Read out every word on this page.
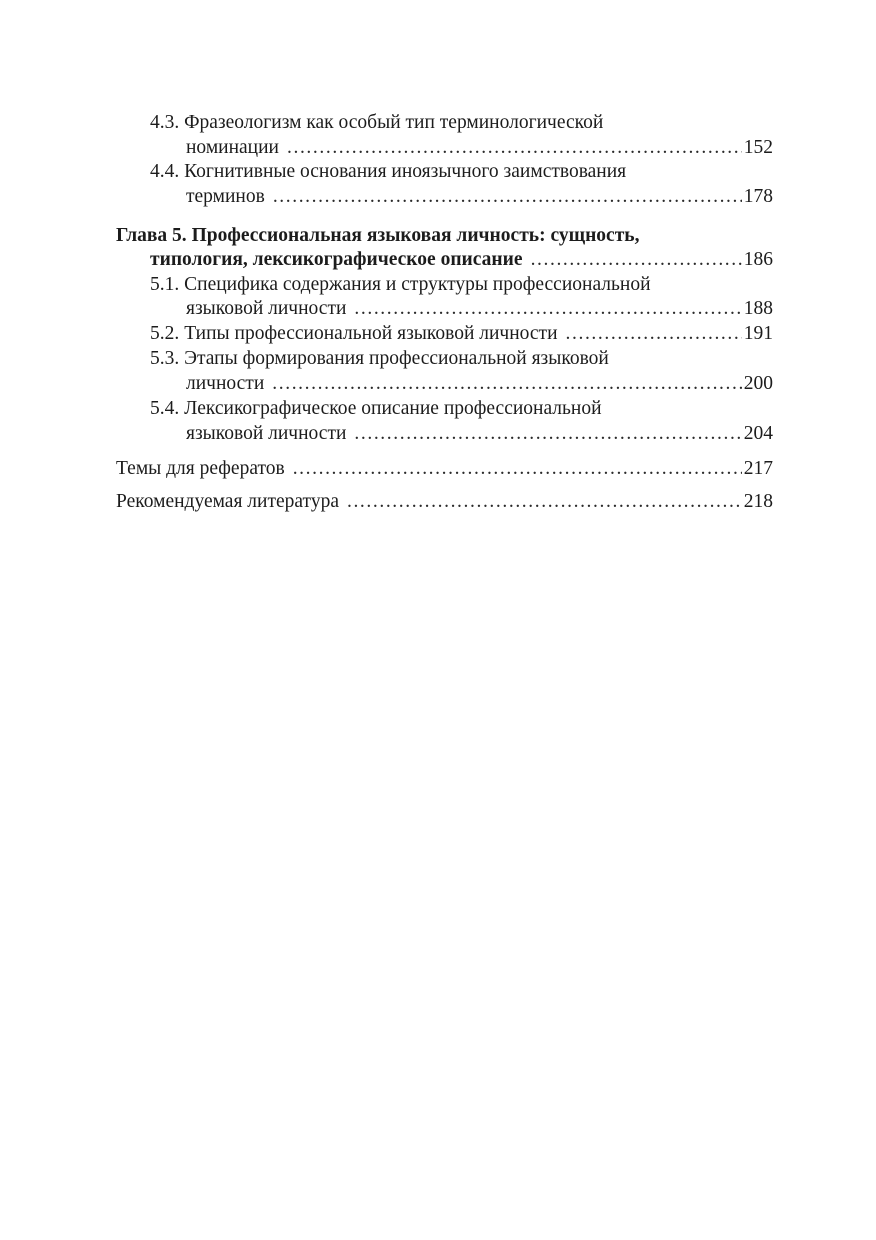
4.3. Фразеологизм как особый тип терминологической
номинации .....	152
4.4. Когнитивные основания иноязычного заимствования
терминов .....	178
Глава 5. Профессиональная языковая личность: сущность,
типология, лексикографическое описание .....	186
5.1. Специфика содержания и структуры профессиональной
языковой личности .....	188
5.2. Типы профессиональной языковой личности .....	191
5.3. Этапы формирования профессиональной языковой
личности .....	200
5.4. Лексикографическое описание профессиональной
языковой личности .....	204
Темы для рефератов .....	217
Рекомендуемая литература .....	218
